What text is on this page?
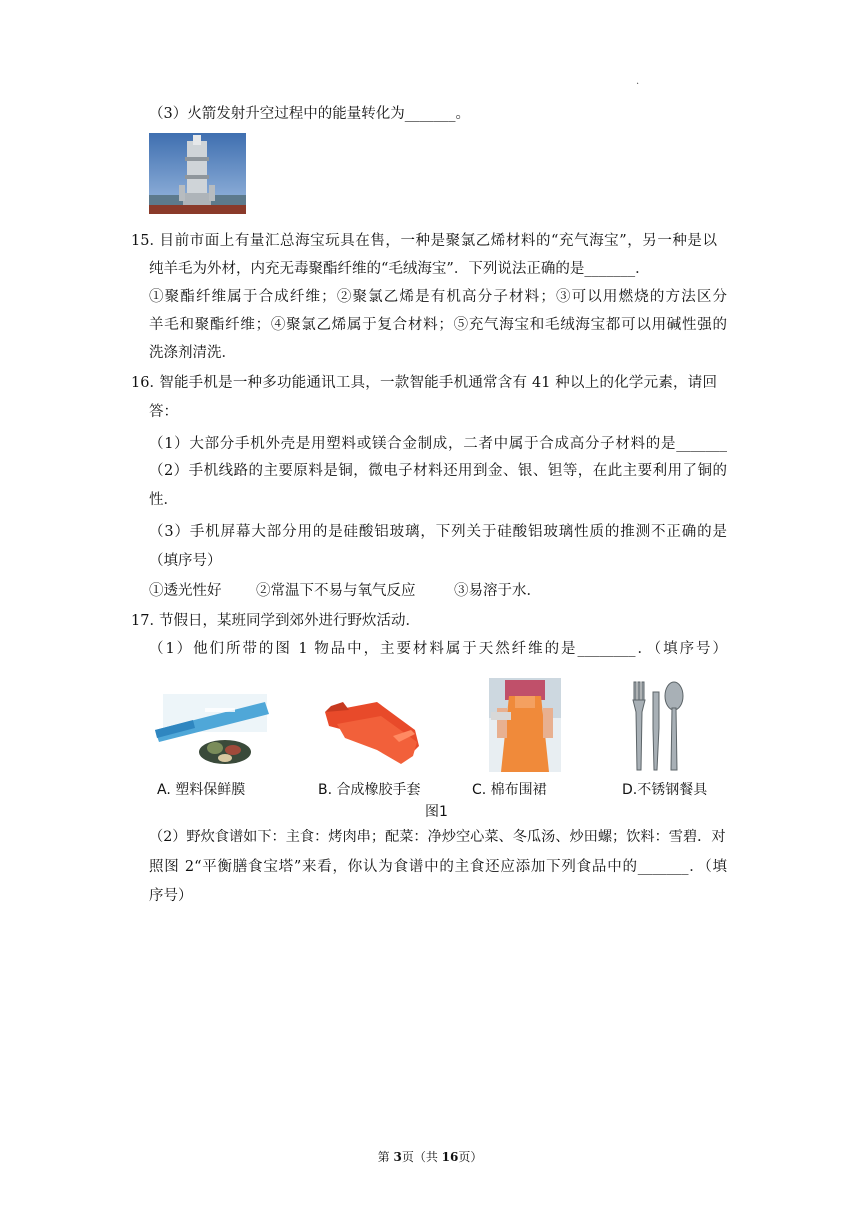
.
（3）火箭发射升空过程中的能量转化为_______。
15．目前市面上有量汇总海宝玩具在售，一种是聚氯乙烯材料的“充气海宝”，另一种是以
纯羊毛为外材，内充无毒聚酯纤维的“毛绒海宝”．下列说法正确的是_______．
①聚酯纤维属于合成纤维；②聚氯乙烯是有机高分子材料；③可以用燃烧的方法区分
羊毛和聚酯纤维；④聚氯乙烯属于复合材料；⑤充气海宝和毛绒海宝都可以用碱性强的
洗涤剂清洗．
16．智能手机是一种多功能通讯工具，一款智能手机通常含有 41 种以上的化学元素，请回
答：
（1）大部分手机外壳是用塑料或镁合金制成，二者中属于合成高分子材料的是_______
（2）手机线路的主要原料是铜，微电子材料还用到金、银、钽等，在此主要利用了铜的
性．
（3）手机屏幕大部分用的是硅酸铝玻璃，下列关于硅酸铝玻璃性质的推测不正确的是
（填序号）
①透光性好 ②常温下不易与氧气反应	③易溶于水．
17．节假日，某班同学到郊外进行野炊活动．
（1）他们所带的图 1 物品中，主要材料属于天然纤维的是________．（填序号）
A. 塑料保鲜膜	B. 合成橡胶手套	C. 棉布围裙	D.不锈钢餐具
图1
（2）野炊食谱如下：主食：烤肉串；配菜：净炒空心菜、冬瓜汤、炒田螺；饮料：雪碧．对
照图 2“平衡膳食宝塔”来看，你认为食谱中的主食还应添加下列食品中的_______．（填
序号）
第 3页（共 16页）
